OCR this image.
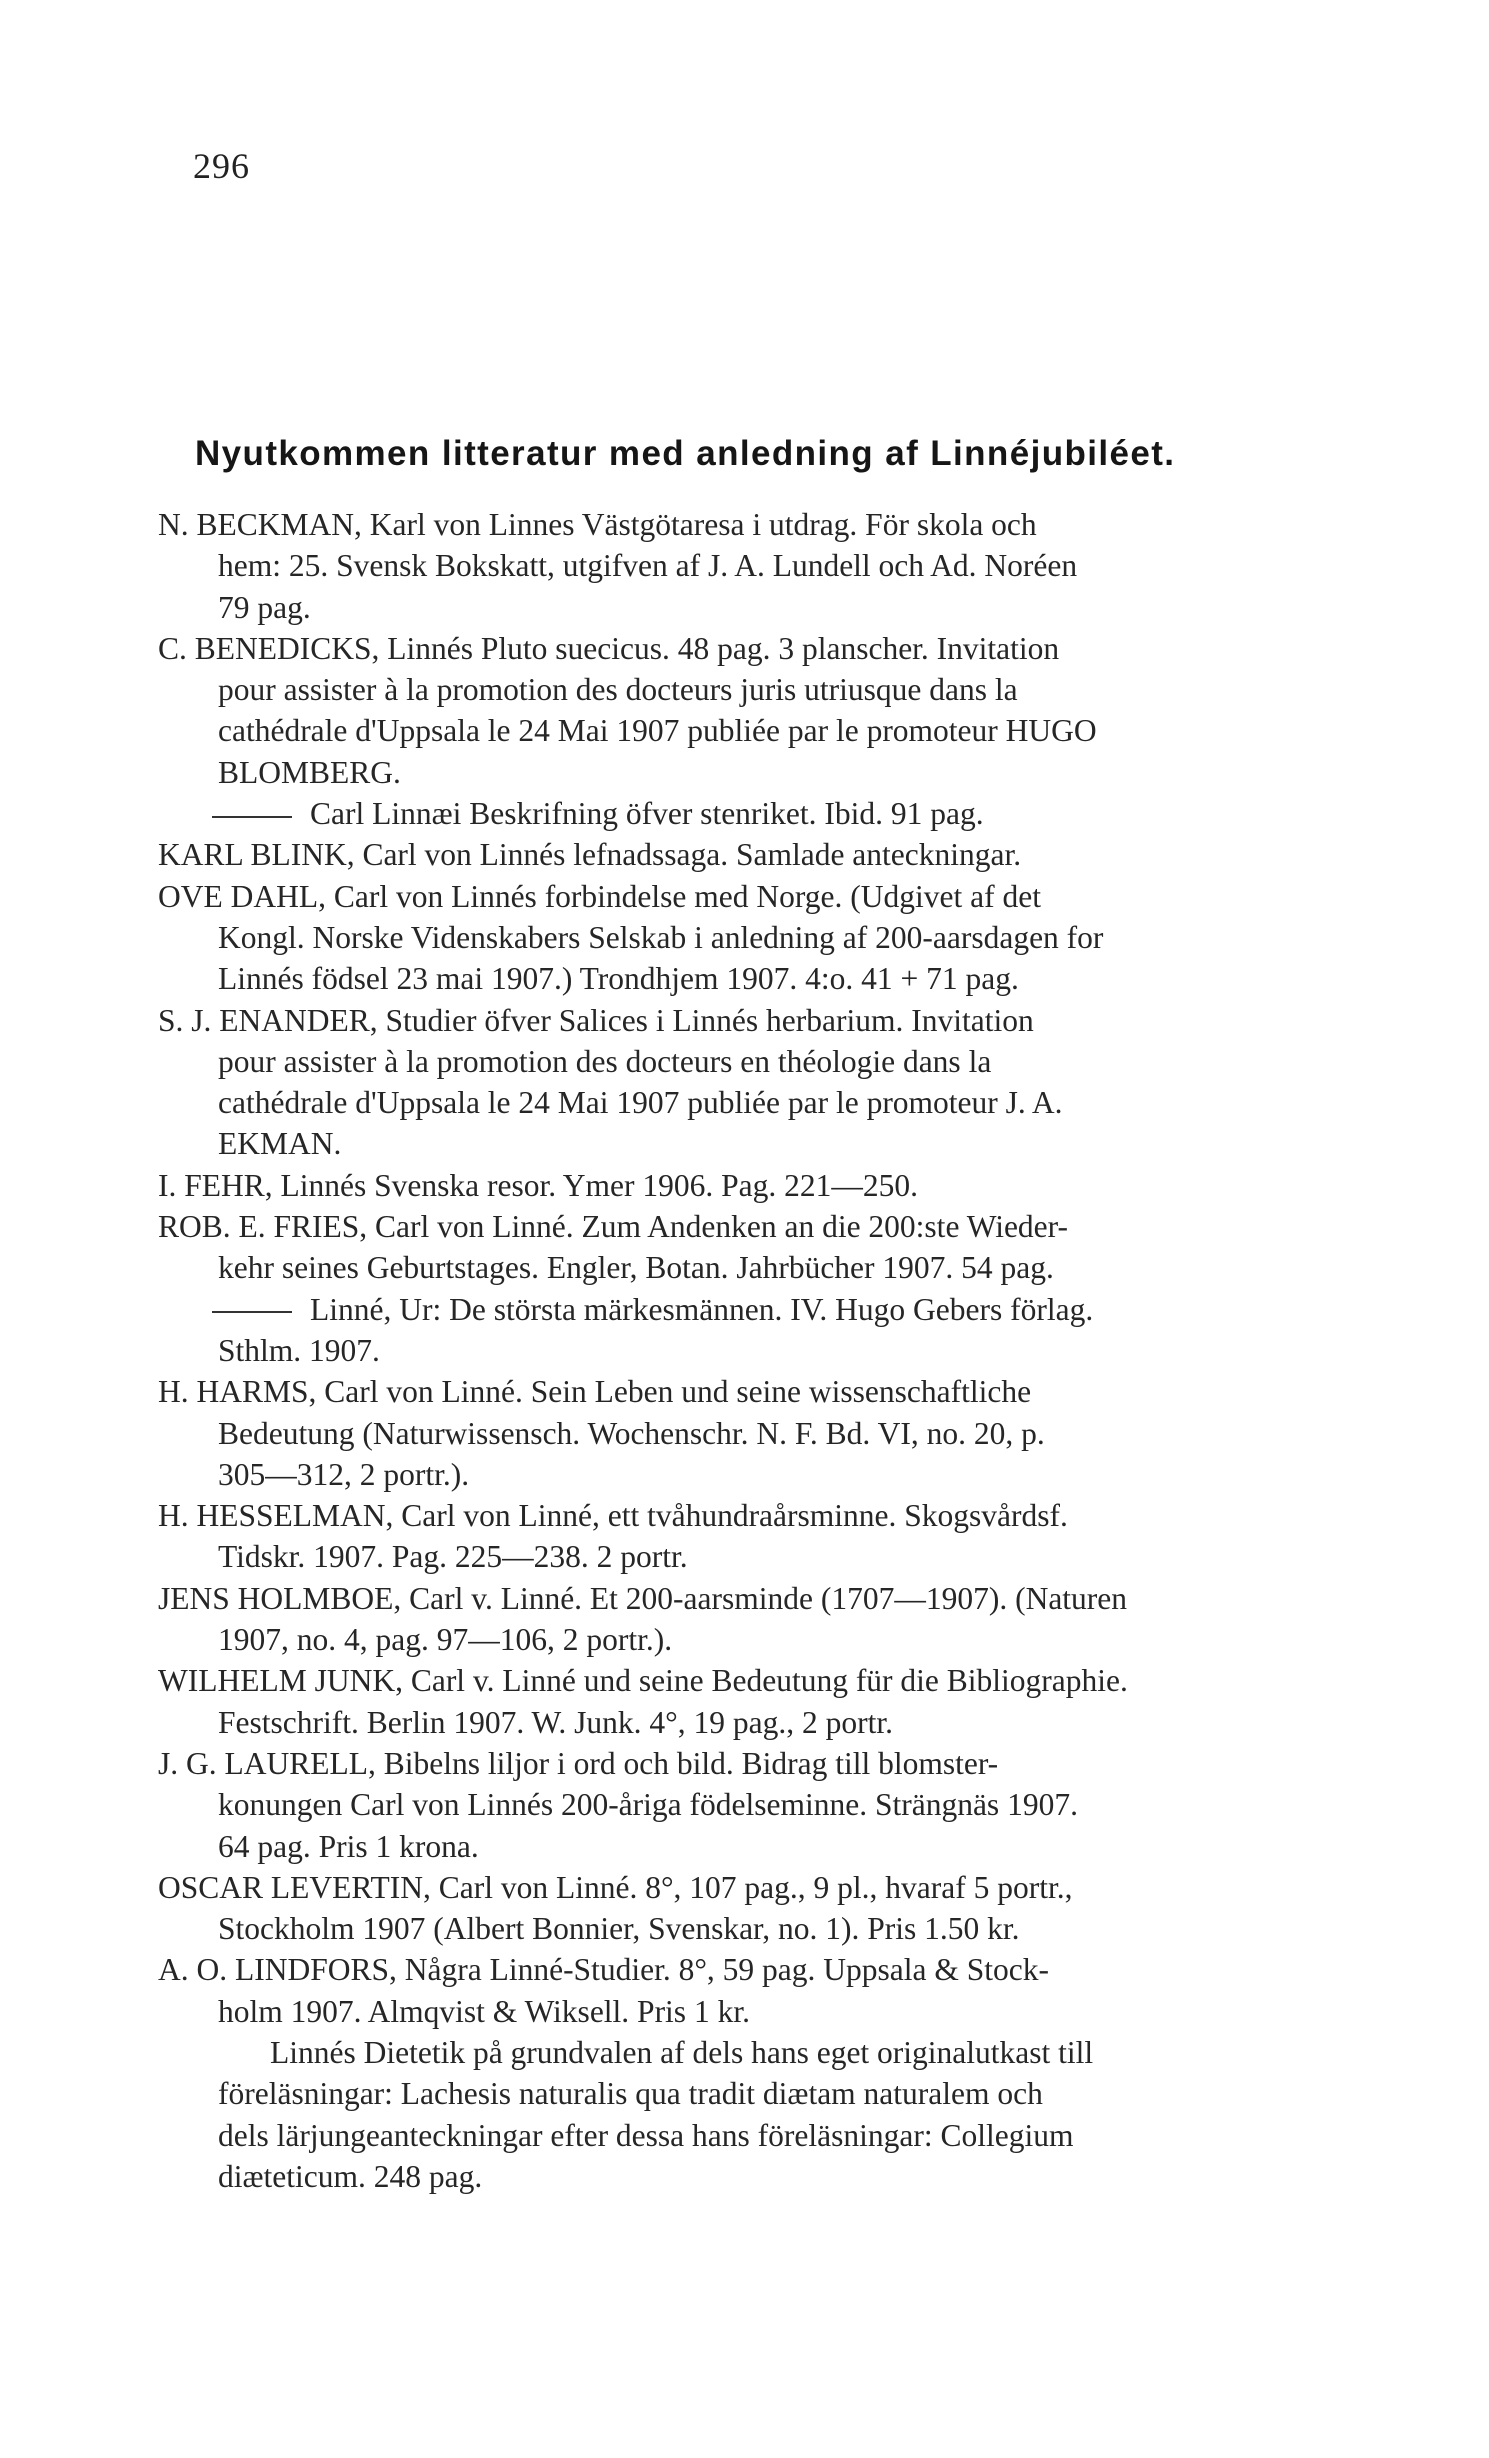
296
Nyutkommen litteratur med anledning af Linnéjubiléet.
N. BECKMAN, Karl von Linnes Västgötaresa i utdrag. För skola och
hem: 25. Svensk Bokskatt, utgifven af J. A. Lundell och Ad. Noréen
79 pag.
C. BENEDICKS, Linnés Pluto suecicus. 48 pag. 3 planscher. Invitation
pour assister à la promotion des docteurs juris utriusque dans la
cathédrale d'Uppsala le 24 Mai 1907 publiée par le promoteur HUGO
BLOMBERG.
Carl Linnæi Beskrifning öfver stenriket. Ibid. 91 pag.
KARL BLINK, Carl von Linnés lefnadssaga. Samlade anteckningar.
OVE DAHL, Carl von Linnés forbindelse med Norge. (Udgivet af det
Kongl. Norske Videnskabers Selskab i anledning af 200-aarsdagen for
Linnés födsel 23 mai 1907.) Trondhjem 1907. 4:o. 41 + 71 pag.
S. J. ENANDER, Studier öfver Salices i Linnés herbarium. Invitation
pour assister à la promotion des docteurs en théologie dans la
cathédrale d'Uppsala le 24 Mai 1907 publiée par le promoteur J. A.
EKMAN.
I. FEHR, Linnés Svenska resor. Ymer 1906. Pag. 221—250.
ROB. E. FRIES, Carl von Linné. Zum Andenken an die 200:ste Wieder-
kehr seines Geburtstages. Engler, Botan. Jahrbücher 1907. 54 pag.
Linné, Ur: De största märkesmännen. IV. Hugo Gebers förlag.
Sthlm. 1907.
H. HARMS, Carl von Linné. Sein Leben und seine wissenschaftliche
Bedeutung (Naturwissensch. Wochenschr. N. F. Bd. VI, no. 20, p.
305—312, 2 portr.).
H. HESSELMAN, Carl von Linné, ett tvåhundraårsminne. Skogsvårdsf.
Tidskr. 1907. Pag. 225—238. 2 portr.
JENS HOLMBOE, Carl v. Linné. Et 200-aarsminde (1707—1907). (Naturen
1907, no. 4, pag. 97—106, 2 portr.).
WILHELM JUNK, Carl v. Linné und seine Bedeutung für die Bibliographie.
Festschrift. Berlin 1907. W. Junk. 4°, 19 pag., 2 portr.
J. G. LAURELL, Bibelns liljor i ord och bild. Bidrag till blomster-
konungen Carl von Linnés 200-åriga födelseminne. Strängnäs 1907.
64 pag. Pris 1 krona.
OSCAR LEVERTIN, Carl von Linné. 8°, 107 pag., 9 pl., hvaraf 5 portr.,
Stockholm 1907 (Albert Bonnier, Svenskar, no. 1). Pris 1.50 kr.
A. O. LINDFORS, Några Linné-Studier. 8°, 59 pag. Uppsala & Stock-
holm 1907. Almqvist & Wiksell. Pris 1 kr.
Linnés Dietetik på grundvalen af dels hans eget originalutkast till
föreläsningar: Lachesis naturalis qua tradit diætam naturalem och
dels lärjungeanteckningar efter dessa hans föreläsningar: Collegium
diæteticum. 248 pag.
